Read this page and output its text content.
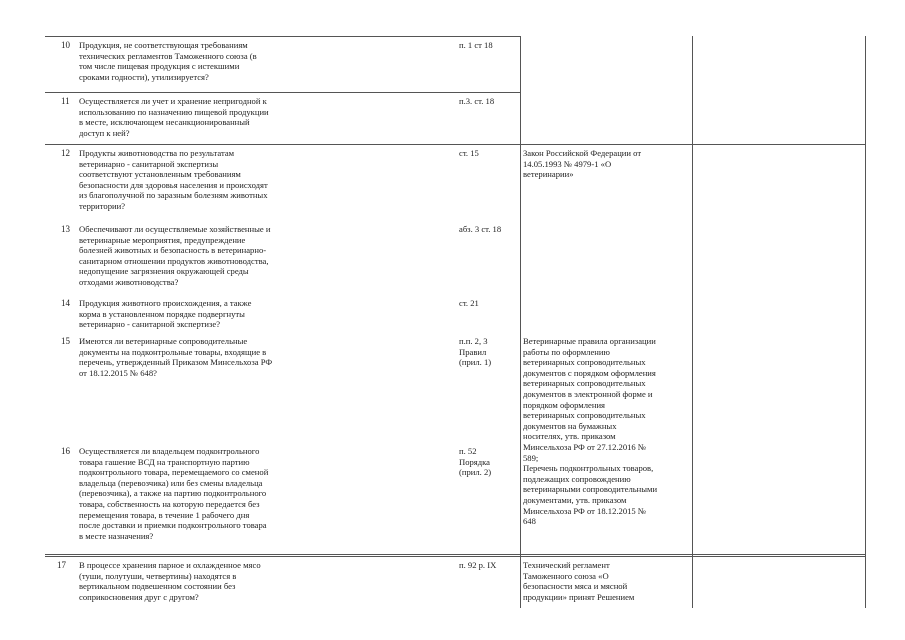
10 Продукция, не соответствующая требованиям
технических регламентов Таможенного союза (в
том числе пищевая продукция с истекшими
сроками годности), утилизируется?
п. 1 ст 18
11 Осуществляется ли учет и хранение непригодной к
использованию по назначению пищевой продукции
в месте, исключающем несанкционированный
доступ к ней?
п.3. ст. 18
12 Продукты животноводства по результатам
ветеринарно - санитарной экспертизы
соответствуют установленным требованиям
безопасности для здоровья населения и происходят
из благополучной по заразным болезням животных
территории?
ст. 15	Закон Российской Федерации от
14.05.1993 № 4979-1 «О
ветеринарии»
13 Обеспечивают ли осуществляемые хозяйственные и
ветеринарные мероприятия, предупреждение
болезней животных и безопасность в ветеринарно-
санитарном отношении продуктов животноводства,
недопущение загрязнения окружающей среды
отходами животноводства?
абз. 3 ст. 18
14 Продукция животного происхождения, а также
корма в установленном порядке подвергнуты
ветеринарно - санитарной экспертизе?
ст. 21
15 Имеются ли ветеринарные сопроводительные
документы на подконтрольные товары, входящие в
перечень, утвержденный Приказом Минсельхоза РФ
от 18.12.2015 № 648?
п.п. 2, 3
Правил
(прил. 1)
Ветеринарные правила организации
работы по оформлению
ветеринарных сопроводительных
документов с порядком оформления
ветеринарных сопроводительных
документов в электронной форме и
порядком оформления
ветеринарных сопроводительных
документов на бумажных
носителях, утв. приказом
Минсельхоза РФ от 27.12.2016 №
589;
Перечень подконтрольных товаров,
подлежащих сопровождению
ветеринарными сопроводительными
документами, утв. приказом
Минсельхоза РФ от 18.12.2015 №
648
16 Осуществляется ли владельцем подконтрольного
товара гашение ВСД на транспортную партию
подконтрольного товара, перемещаемого со сменой
владельца (перевозчика) или без смены владельца
(перевозчика), а также на партию подконтрольного
товара, собственность на которую передается без
перемещения товара, в течение 1 рабочего дня
после доставки и приемки подконтрольного товара
в месте назначения?
п. 52
Порядка
(прил. 2)
17 В процессе хранения парное и охлажденное мясо
(туши, полутуши, четвертины) находятся в
вертикальном подвешенном состоянии без
соприкосновения друг с другом?
п. 92 р. IX	Технический регламент
Таможенного союза «О
безопасности мяса и мясной
продукции» принят Решением
